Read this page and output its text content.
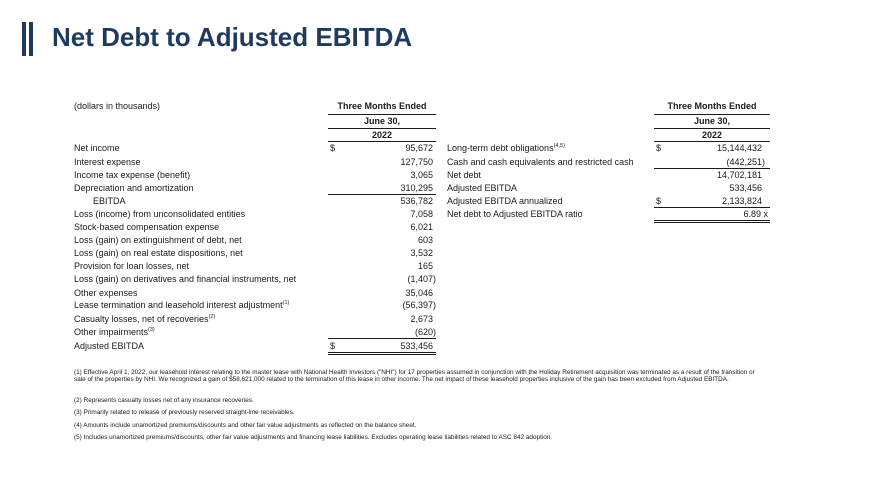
Net Debt to Adjusted EBITDA
(dollars in thousands)	Three Months Ended
June 30,
2022
Three Months Ended
June 30,
2022
Net income	$	95,672
Interest expense	127,750
Income tax expense (benefit)	3,065
Depreciation and amortization	310,295
EBITDA	536,782
Loss (income) from unconsolidated entities	7,058
Stock-based compensation expense	6,021
Loss (gain) on extinguishment of debt, net	603
Loss (gain) on real estate dispositions, net	3,532
Provision for loan losses, net	165
Loss (gain) on derivatives and financial instruments, net	(1,407)
Other expenses	35,046
Lease termination and leasehold interest adjustment$^{(1)}$	(56,397)
Casualty losses, net of recoveries$^{(2)}$	2,673
Other impairments$^{(3)}$	(620)
Adjusted EBITDA	$	533,456
Long-term debt obligations$^{(4,5)}$	$	15,144,432
Cash and cash equivalents and restricted cash	(442,251)
Net debt	14,702,181
Adjusted EBITDA	533,456
Adjusted EBITDA annualized	$	2,133,824
Net debt to Adjusted EBITDA ratio	6.89 x
(1) Effective April 1, 2022, our leasehold interest relating to the master lease with National Health Investors ("NHI") for 17 properties assumed in conjunction with the Holiday Retirement acquisition was terminated as a result of the transition or sale of the properties by NHI. We recognized a gain of $58,621,000 related to the termination of this lease in other income. The net impact of these leasehold properties inclusive of the gain has been excluded from Adjusted EBITDA.
(2) Represents casualty losses net of any insurance recoveries.
(3) Primarily related to release of previously reserved straight-line receivables.
(4) Amounts include unamortized premiums/discounts and other fair value adjustments as reflected on the balance sheet.
(5) Includes unamortized premiums/discounts, other fair value adjustments and financing lease liabilities. Excludes operating lease liabilities related to ASC 842 adoption.
